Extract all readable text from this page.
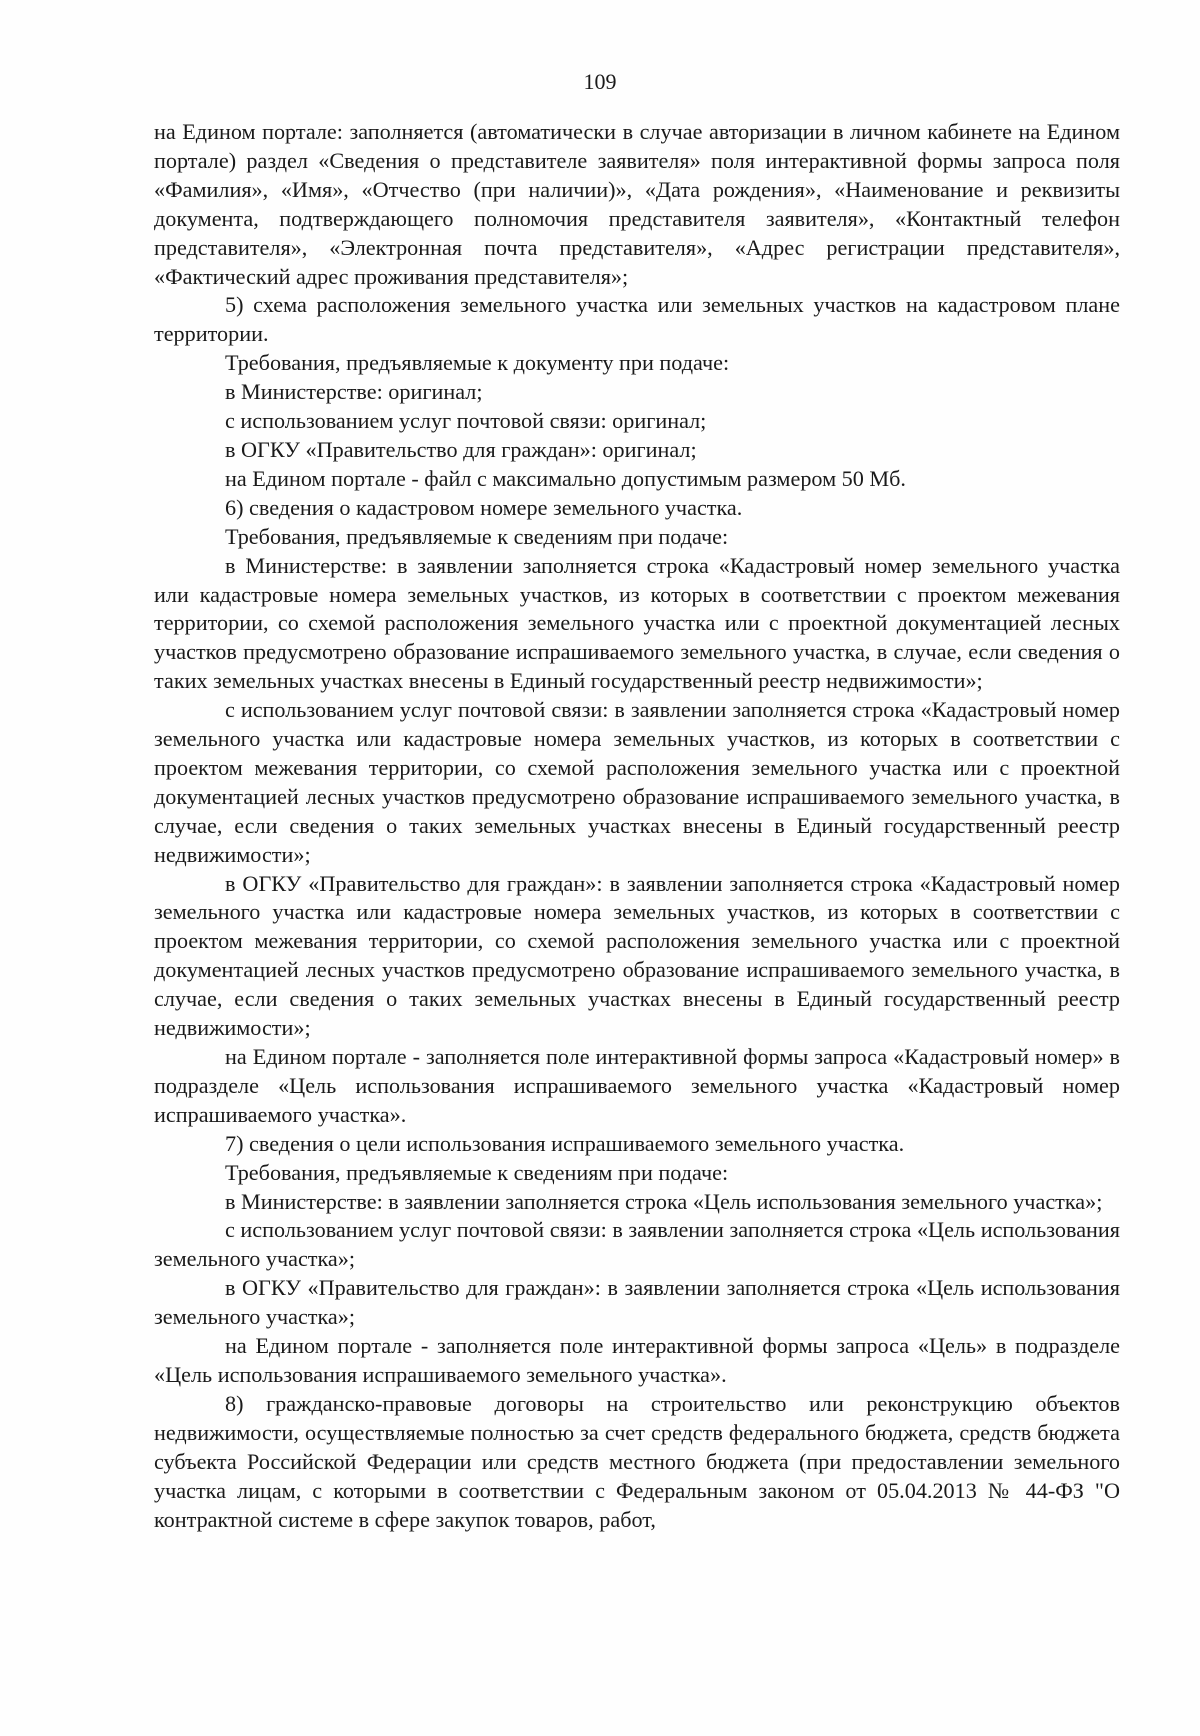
109

на Едином портале: заполняется (автоматически в случае авторизации в личном кабинете на Едином портале) раздел «Сведения о представителе заявителя» поля интерактивной формы запроса поля «Фамилия», «Имя», «Отчество (при наличии)», «Дата рождения», «Наименование и реквизиты документа, подтверждающего полномочия представителя заявителя», «Контактный телефон представителя», «Электронная почта представителя», «Адрес регистрации представителя», «Фактический адрес проживания представителя»;

5) схема расположения земельного участка или земельных участков на кадастровом плане территории.

Требования, предъявляемые к документу при подаче:

в Министерстве: оригинал;

с использованием услуг почтовой связи: оригинал;

в ОГКУ «Правительство для граждан»: оригинал;

на Едином портале - файл с максимально допустимым размером 50 Мб.

6) сведения о кадастровом номере земельного участка.

Требования, предъявляемые к сведениям при подаче:

в Министерстве: в заявлении заполняется строка «Кадастровый номер земельного участка или кадастровые номера земельных участков, из которых в соответствии с проектом межевания территории, со схемой расположения земельного участка или с проектной документацией лесных участков предусмотрено образование испрашиваемого земельного участка, в случае, если сведения о таких земельных участках внесены в Единый государственный реестр недвижимости»;

с использованием услуг почтовой связи: в заявлении заполняется строка «Кадастровый номер земельного участка или кадастровые номера земельных участков, из которых в соответствии с проектом межевания территории, со схемой расположения земельного участка или с проектной документацией лесных участков предусмотрено образование испрашиваемого земельного участка, в случае, если сведения о таких земельных участках внесены в Единый государственный реестр недвижимости»;

в ОГКУ «Правительство для граждан»: в заявлении заполняется строка «Кадастровый номер земельного участка или кадастровые номера земельных участков, из которых в соответствии с проектом межевания территории, со схемой расположения земельного участка или с проектной документацией лесных участков предусмотрено образование испрашиваемого земельного участка, в случае, если сведения о таких земельных участках внесены в Единый государственный реестр недвижимости»;

на Едином портале - заполняется поле интерактивной формы запроса «Кадастровый номер» в подразделе «Цель использования испрашиваемого земельного участка «Кадастровый номер испрашиваемого участка».

7) сведения о цели использования испрашиваемого земельного участка.

Требования, предъявляемые к сведениям при подаче:

в Министерстве: в заявлении заполняется строка «Цель использования земельного участка»;

с использованием услуг почтовой связи: в заявлении заполняется строка «Цель использования земельного участка»;

в ОГКУ «Правительство для граждан»: в заявлении заполняется строка «Цель использования земельного участка»;

на Едином портале - заполняется поле интерактивной формы запроса «Цель» в подразделе «Цель использования испрашиваемого земельного участка».

8) гражданско-правовые договоры на строительство или реконструкцию объектов недвижимости, осуществляемые полностью за счет средств федерального бюджета, средств бюджета субъекта Российской Федерации или средств местного бюджета (при предоставлении земельного участка лицам, с которыми в соответствии с Федеральным законом от 05.04.2013 № 44-ФЗ "О контрактной системе в сфере закупок товаров, работ,
